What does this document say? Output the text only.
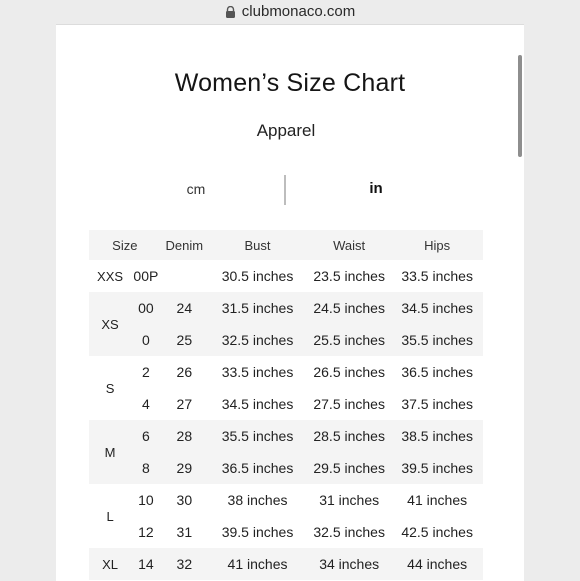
clubmonaco.com
Women’s Size Chart
Apparel
cm	in
Size		Denim	Bust	Waist	Hips
XXS	00P		30.5 inches	23.5 inches	33.5 inches
XS	00	24	31.5 inches	24.5 inches	34.5 inches
	0	25	32.5 inches	25.5 inches	35.5 inches
S	2	26	33.5 inches	26.5 inches	36.5 inches
	4	27	34.5 inches	27.5 inches	37.5 inches
M	6	28	35.5 inches	28.5 inches	38.5 inches
	8	29	36.5 inches	29.5 inches	39.5 inches
L	10	30	38 inches	31 inches	41 inches
	12	31	39.5 inches	32.5 inches	42.5 inches
XL	14	32	41 inches	34 inches	44 inches
